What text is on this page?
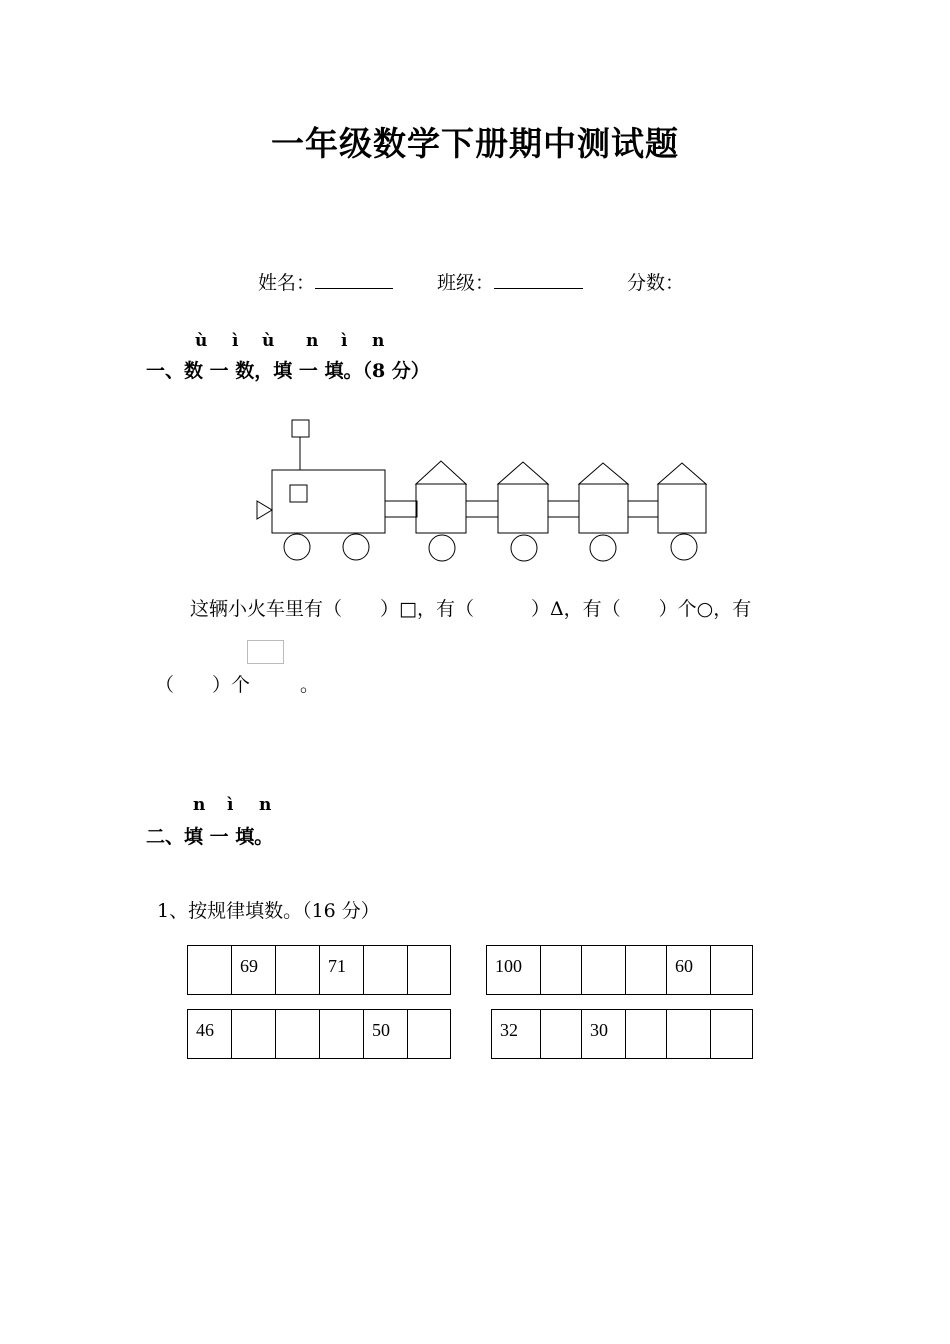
一年级数学下册期中测试题
姓名：	班级：	分数：
ù ì ù n ì n
一、数 一 数，填 一 填。（8 分）
这辆小火车里有（　　）□，有（　　　）Δ，有（　　）个○，有
（　　）个	。
n ì n
二、填 一 填。
1、按规律填数。（16 分）
	69		71			100				60	
46				50		32		30			
